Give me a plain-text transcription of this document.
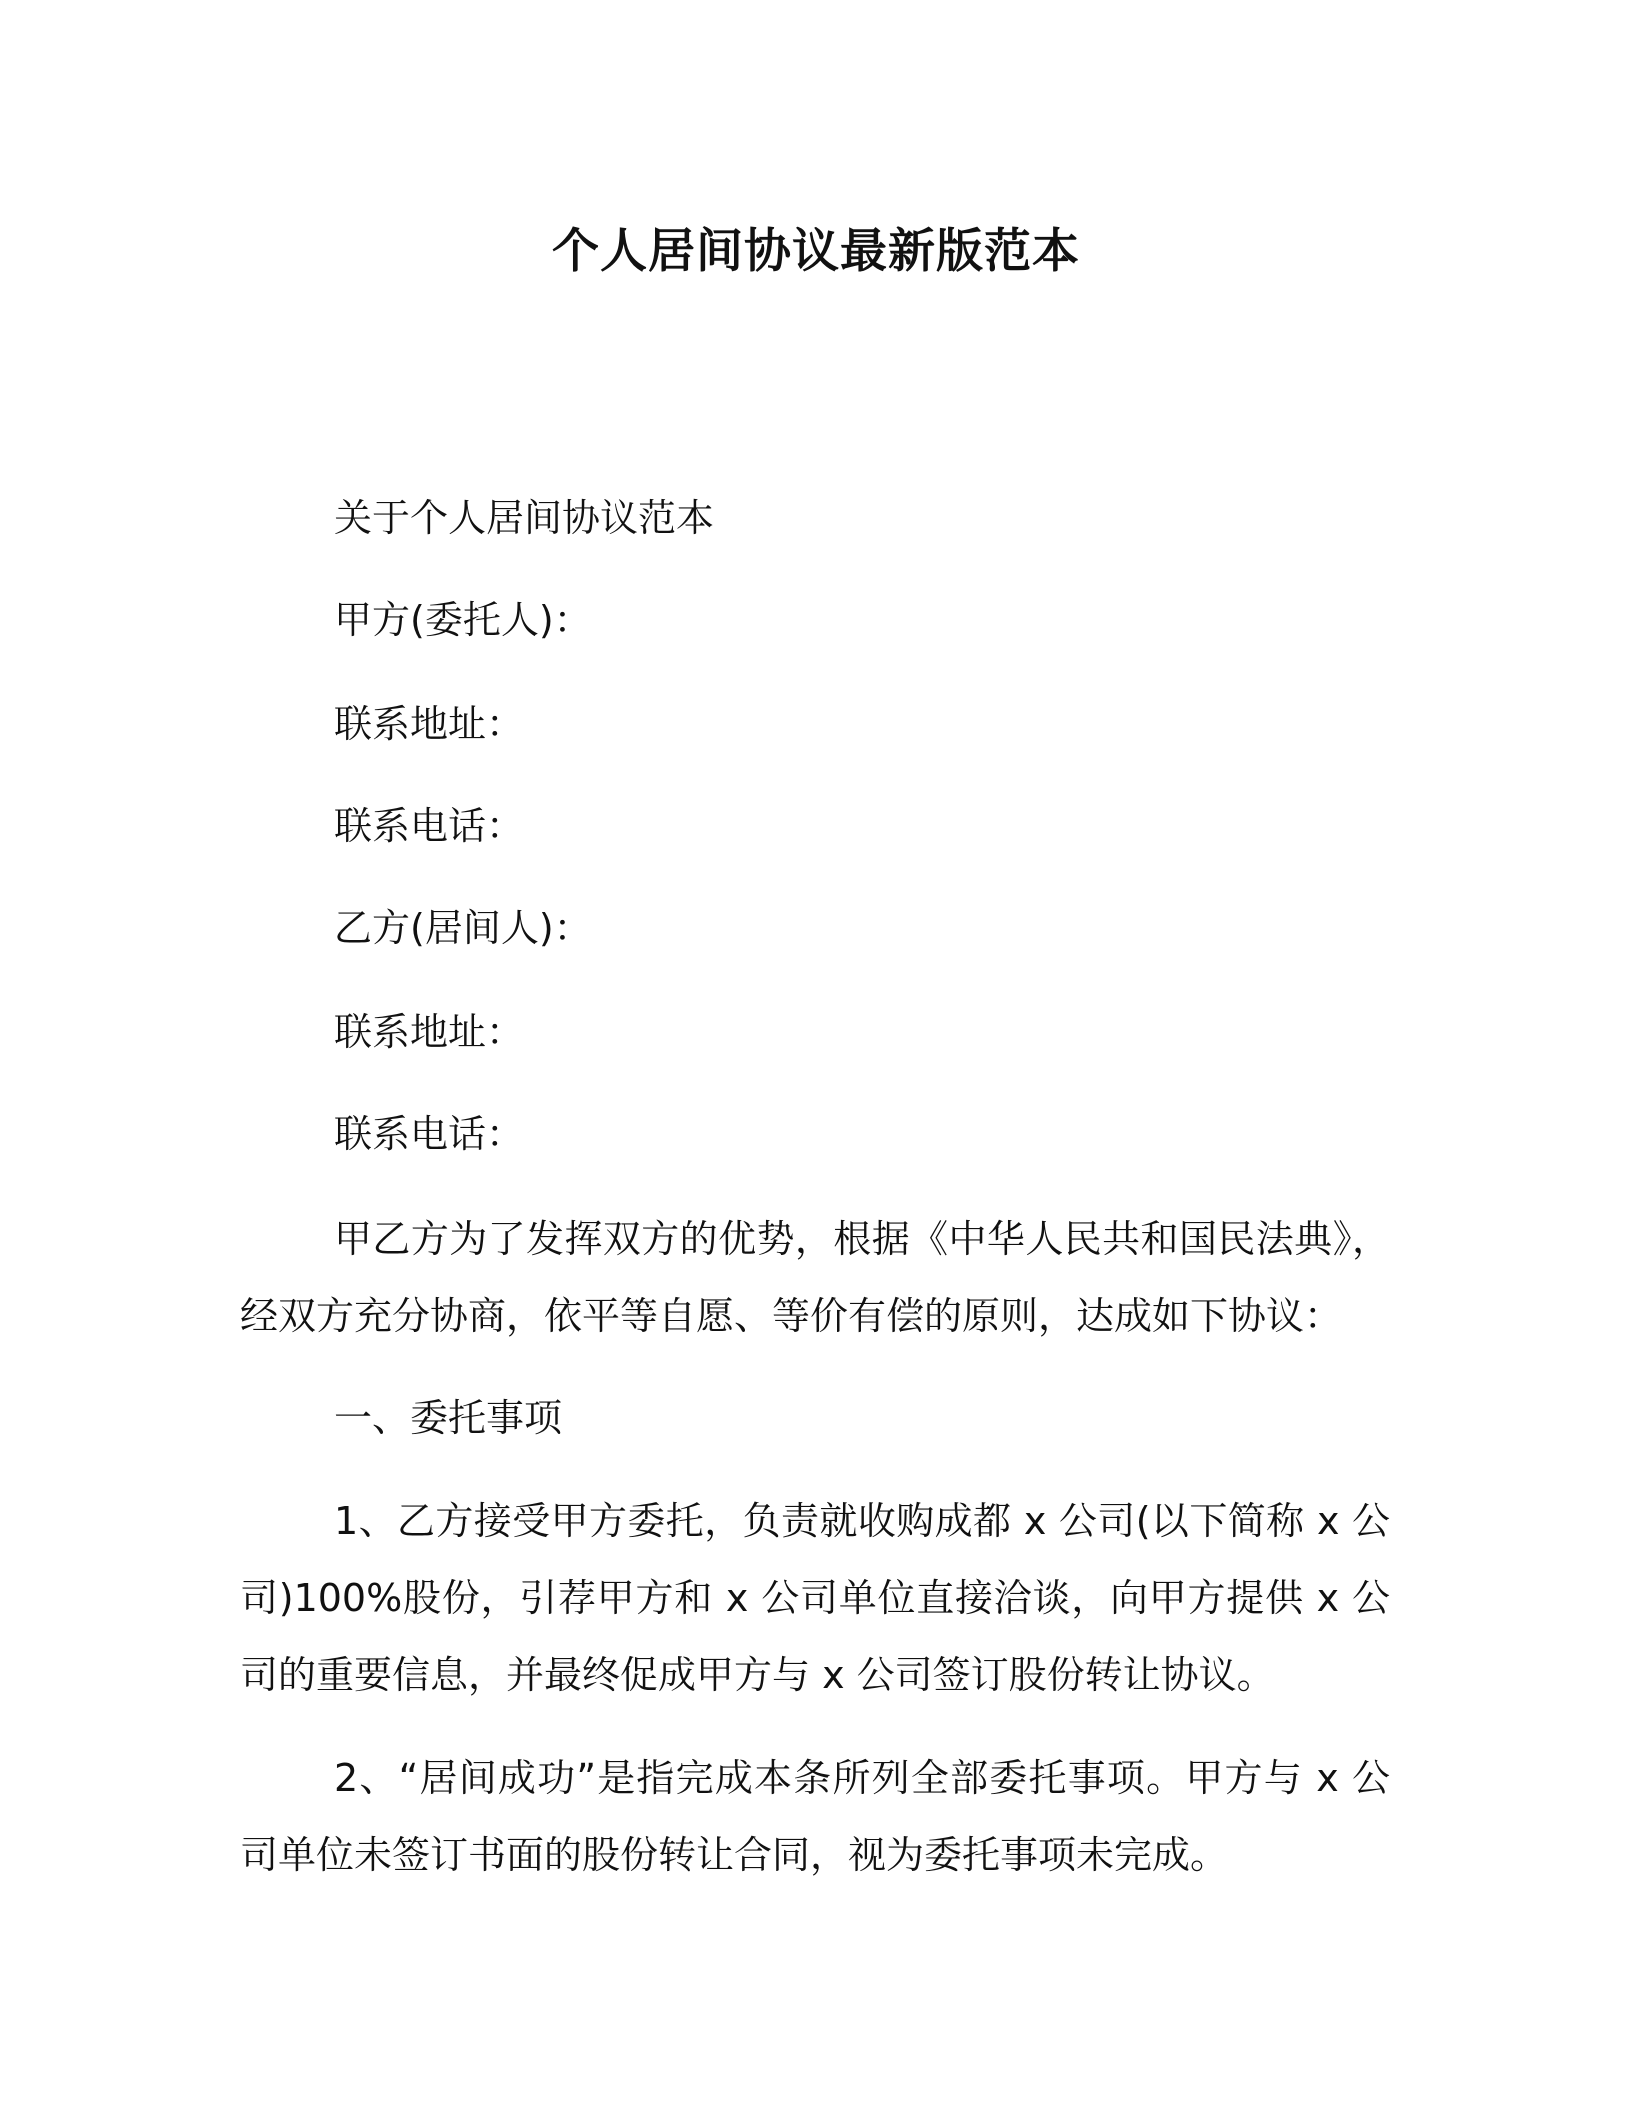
个人居间协议最新版范本

关于个人居间协议范本

甲方(委托人)：

联系地址：

联系电话：

乙方(居间人)：

联系地址：

联系电话：

甲乙方为了发挥双方的优势，根据《中华人民共和国民法典》，经双方充分协商，依平等自愿、等价有偿的原则，达成如下协议：

一、委托事项

1、乙方接受甲方委托，负责就收购成都 x 公司(以下简称 x 公司)100%股份，引荐甲方和 x 公司单位直接洽谈，向甲方提供 x 公司的重要信息，并最终促成甲方与 x 公司签订股份转让协议。

2、“居间成功”是指完成本条所列全部委托事项。甲方与 x 公司单位未签订书面的股份转让合同，视为委托事项未完成。
